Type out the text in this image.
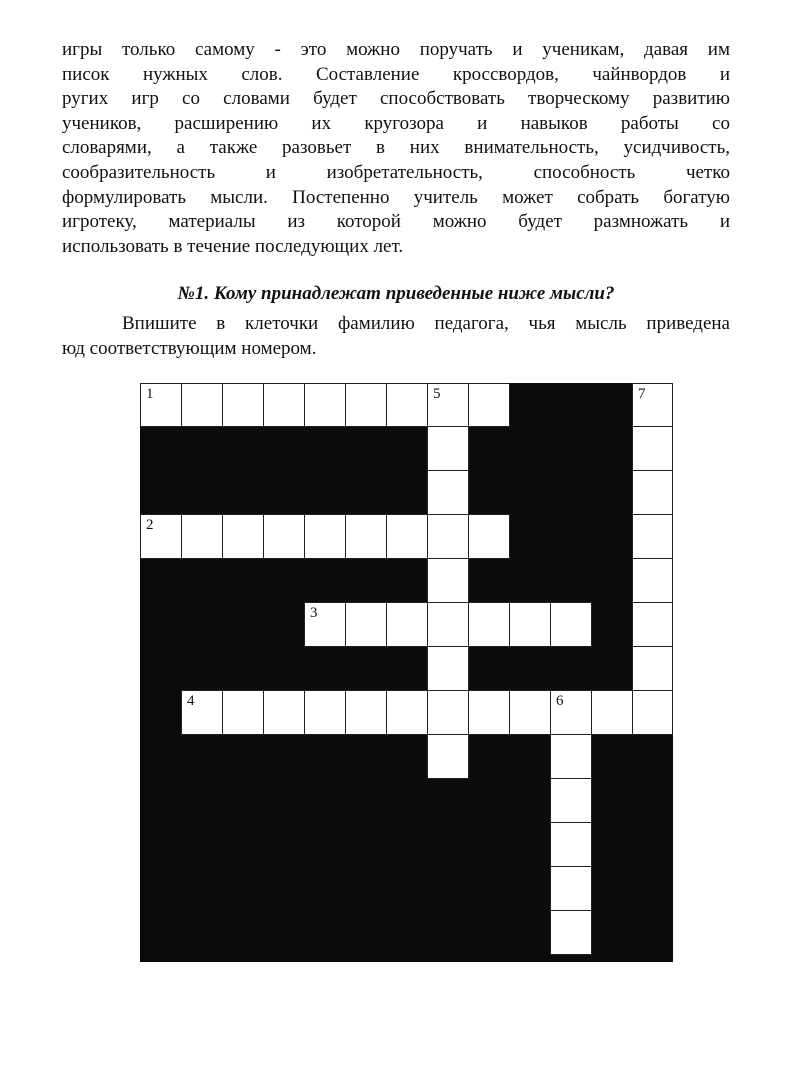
игры только самому - это можно поручать и ученикам, давая им
писок нужных слов. Составление кроссвордов, чайнвордов и
ругих игр со словами будет способствовать творческому развитию
учеников, расширению их кругозора и навыков работы со
словарями, а также разовьет в них внимательность, усидчивость,
сообразительность и изобретательность, способность четко
формулировать мысли. Постепенно учитель может собрать богатую
игротеку, материалы из которой можно будет размножать и
использовать в течение последующих лет.

№1. Кому принадлежат приведенные ниже мысли?

Впишите в клеточки фамилию педагога, чья мысль приведена
юд соответствующим номером.

1	5	7
2
3
4	6
